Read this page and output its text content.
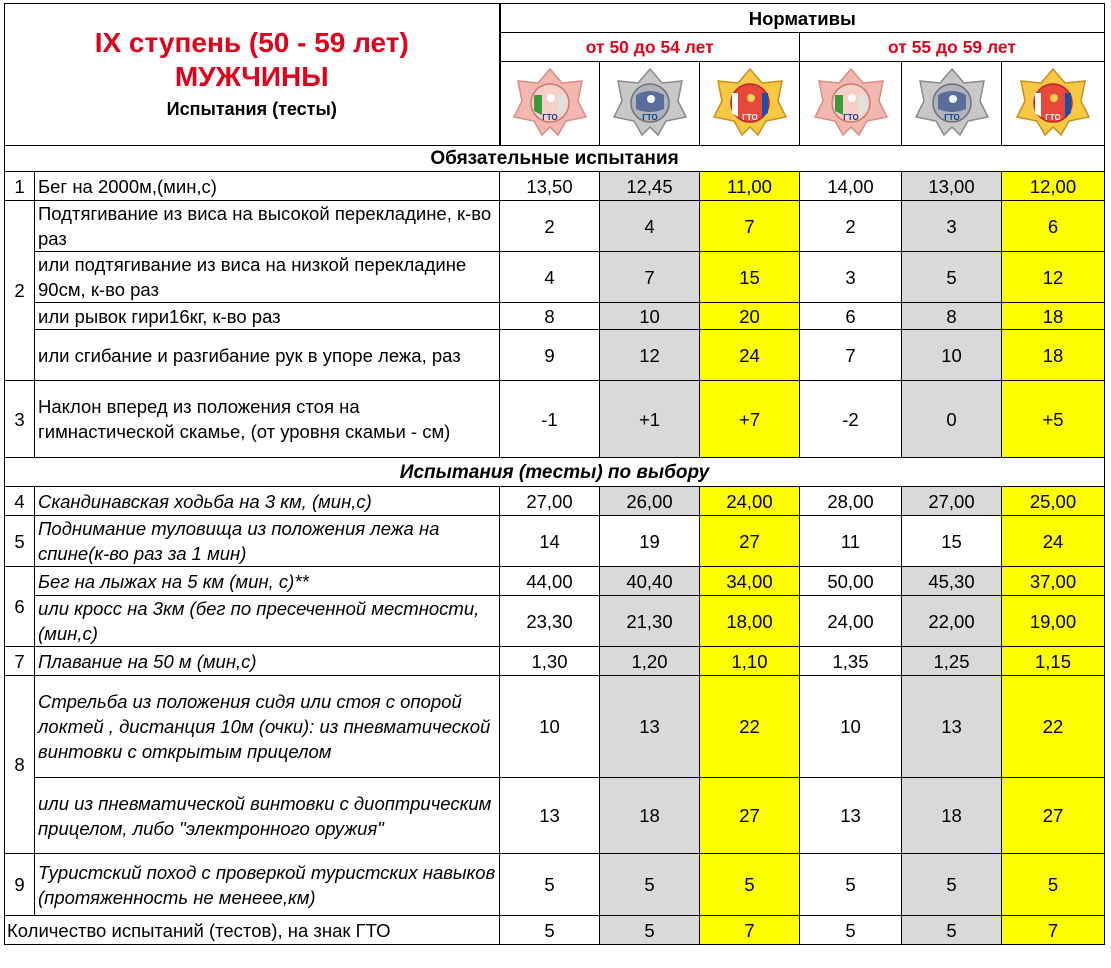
IX ступень (50 - 59 лет)
МУЖЧИНЫ
Испытания (тесты)		Нормативы					
		от 50 до 54 лет			от 55 до 59 лет		

ГТО	ГТО	ГТО	ГТО	ГТО	ГТО

Обязательные испытания							
1	Бег на 2000м,(мин,с)	13,50	12,45	11,00	14,00	13,00	12,00
2	Подтягивание из виса на высокой перекладине, к-во раз	2	4	7	2	3	6
	или подтягивание из виса на низкой перекладине 90см, к-во раз	4	7	15	3	5	12
	или рывок гири16кг, к-во раз	8	10	20	6	8	18
	или сгибание и разгибание рук в упоре лежа, раз	9	12	24	7	10	18
3	Наклон вперед из положения стоя на гимнастической скамье, (от уровня скамьи - см)	-1	+1	+7	-2	0	+5
Испытания (тесты) по выбору							
4	Скандинавская ходьба на 3 км, (мин,с)	27,00	26,00	24,00	28,00	27,00	25,00
5	Поднимание туловища из положения лежа на спине(к-во раз за 1 мин)	14	19	27	11	15	24
6	Бег на лыжах на 5 км (мин, с)**	44,00	40,40	34,00	50,00	45,30	37,00
	или кросс на 3км (бег по пресеченной местности, (мин,с)	23,30	21,30	18,00	24,00	22,00	19,00
7	Плавание на 50 м (мин,с)	1,30	1,20	1,10	1,35	1,25	1,15
8	Стрельба из положения сидя или стоя с опорой локтей , дистанция 10м (очки): из пневматической винтовки с открытым прицелом	10	13	22	10	13	22
	или из пневматической винтовки с диоптрическим прицелом, либо "электронного оружия"	13	18	27	13	18	27
9	Туристский поход с проверкой туристских навыков (протяженность не менеее,км)	5	5	5	5	5	5
Количество испытаний (тестов), на знак ГТО		5	5	7	5	5	7
